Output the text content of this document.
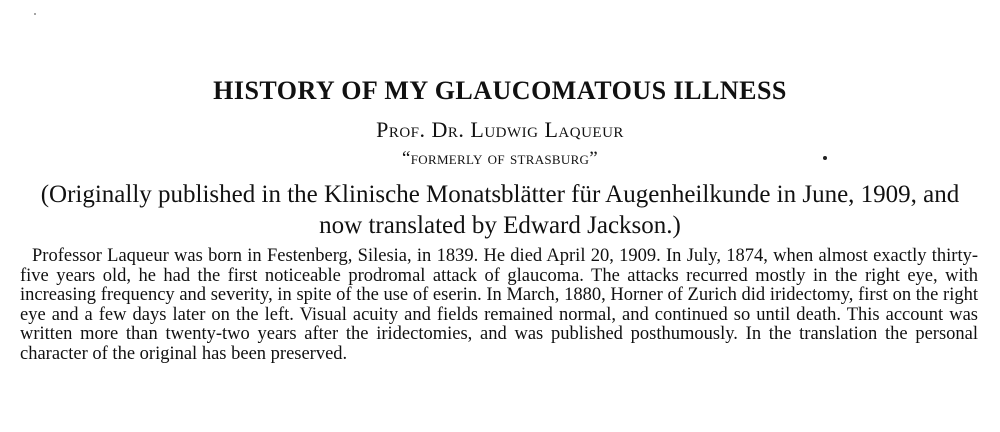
HISTORY OF MY GLAUCOMATOUS ILLNESS
Prof. Dr. Ludwig Laqueur
“formerly of strasburg”
(Originally published in the Klinische Monatsblätter für Augenheilkunde in June, 1909, and now translated by Edward Jackson.)
Professor Laqueur was born in Festenberg, Silesia, in 1839. He died April 20, 1909. In July, 1874, when almost exactly thirty-five years old, he had the first noticeable prodromal attack of glaucoma. The attacks recurred mostly in the right eye, with increasing frequency and severity, in spite of the use of eserin. In March, 1880, Horner of Zurich did iridectomy, first on the right eye and a few days later on the left. Visual acuity and fields remained normal, and continued so until death. This account was written more than twenty-two years after the iridectomies, and was published posthumously. In the translation the personal character of the original has been preserved.
